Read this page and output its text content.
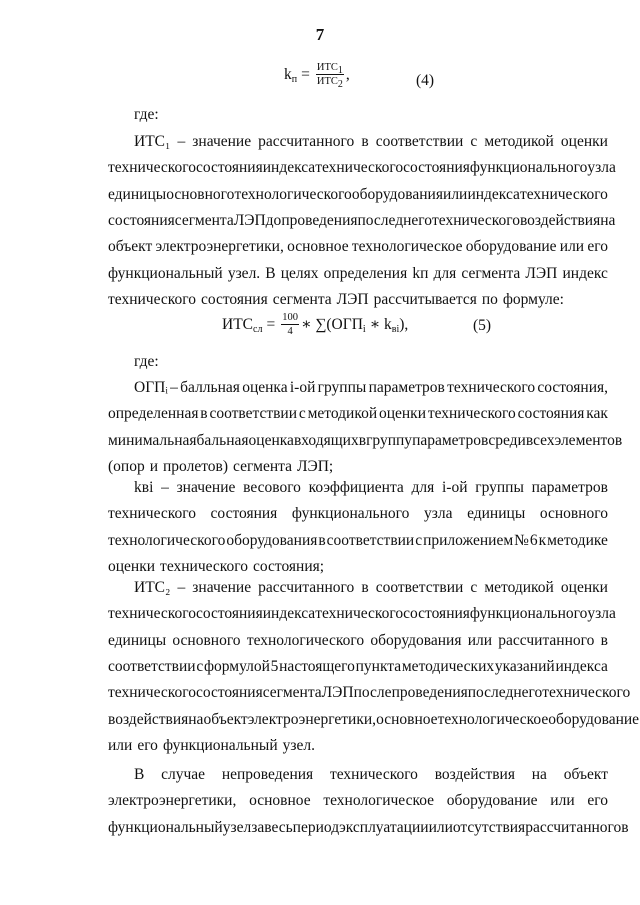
7
$k_п = \frac{ИТС_1}{ИТС_2}$ ,	(4)
где:
ИТС₁ – значение рассчитанного в соответствии с методикой оценки
технического состояния индекса технического состояния функционального узла
единицы основного технологического оборудования или индекса технического
состояния сегмента ЛЭП до проведения последнего технического воздействия на
объект электроэнергетики, основное технологическое оборудование или его
функциональный узел. В целях определения kп для сегмента ЛЭП индекс
технического состояния сегмента ЛЭП рассчитывается по формуле:
$ИТС_{сл} = \frac{100}{4}$ ∗ $\sum(ОГП_i$ ∗ $k_{вi}$),	(5)
где:
ОГПᵢ – балльная оценка i-ой группы параметров технического состояния,
определенная в соответствии с методикой оценки технического состояния как
минимальная бальная оценка входящих в группу параметров среди всех элементов
(опор и пролетов) сегмента ЛЭП;
kвi – значение весового коэффициента для i-ой группы параметров
технического состояния функционального узла единицы основного
технологического оборудования в соответствии с приложением № 6 к методике
оценки технического состояния;
ИТС₂ – значение рассчитанного в соответствии с методикой оценки
технического состояния индекса технического состояния функционального узла
единицы основного технологического оборудования или рассчитанного в
соответствии с формулой 5 настоящего пункта методических указаний индекса
технического состояния сегмента ЛЭП после проведения последнего технического
воздействия на объект электроэнергетики, основное технологическое оборудование
или его функциональный узел.
В случае непроведения технического воздействия на объект
электроэнергетики, основное технологическое оборудование или его
функциональный узел за весь период эксплуатации или отсутствия рассчитанного в
